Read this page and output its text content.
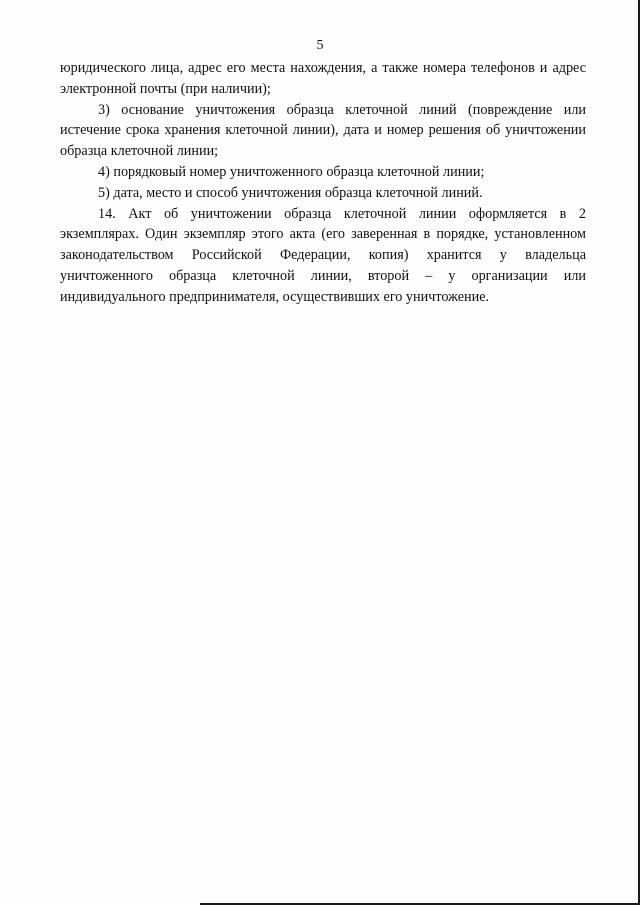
5

юридического лица, адрес его места нахождения, а также номера телефонов и адрес электронной почты (при наличии);

3) основание уничтожения образца клеточной линий (повреждение или истечение срока хранения клеточной линии), дата и номер решения об уничтожении образца клеточной линии;

4) порядковый номер уничтоженного образца клеточной линии;

5) дата, место и способ уничтожения образца клеточной линий.

14. Акт об уничтожении образца клеточной линии оформляется в 2 экземплярах. Один экземпляр этого акта (его заверенная в порядке, установленном законодательством Российской Федерации, копия) хранится у владельца уничтоженного образца клеточной линии, второй – у организации или индивидуального предпринимателя, осуществивших его уничтожение.
